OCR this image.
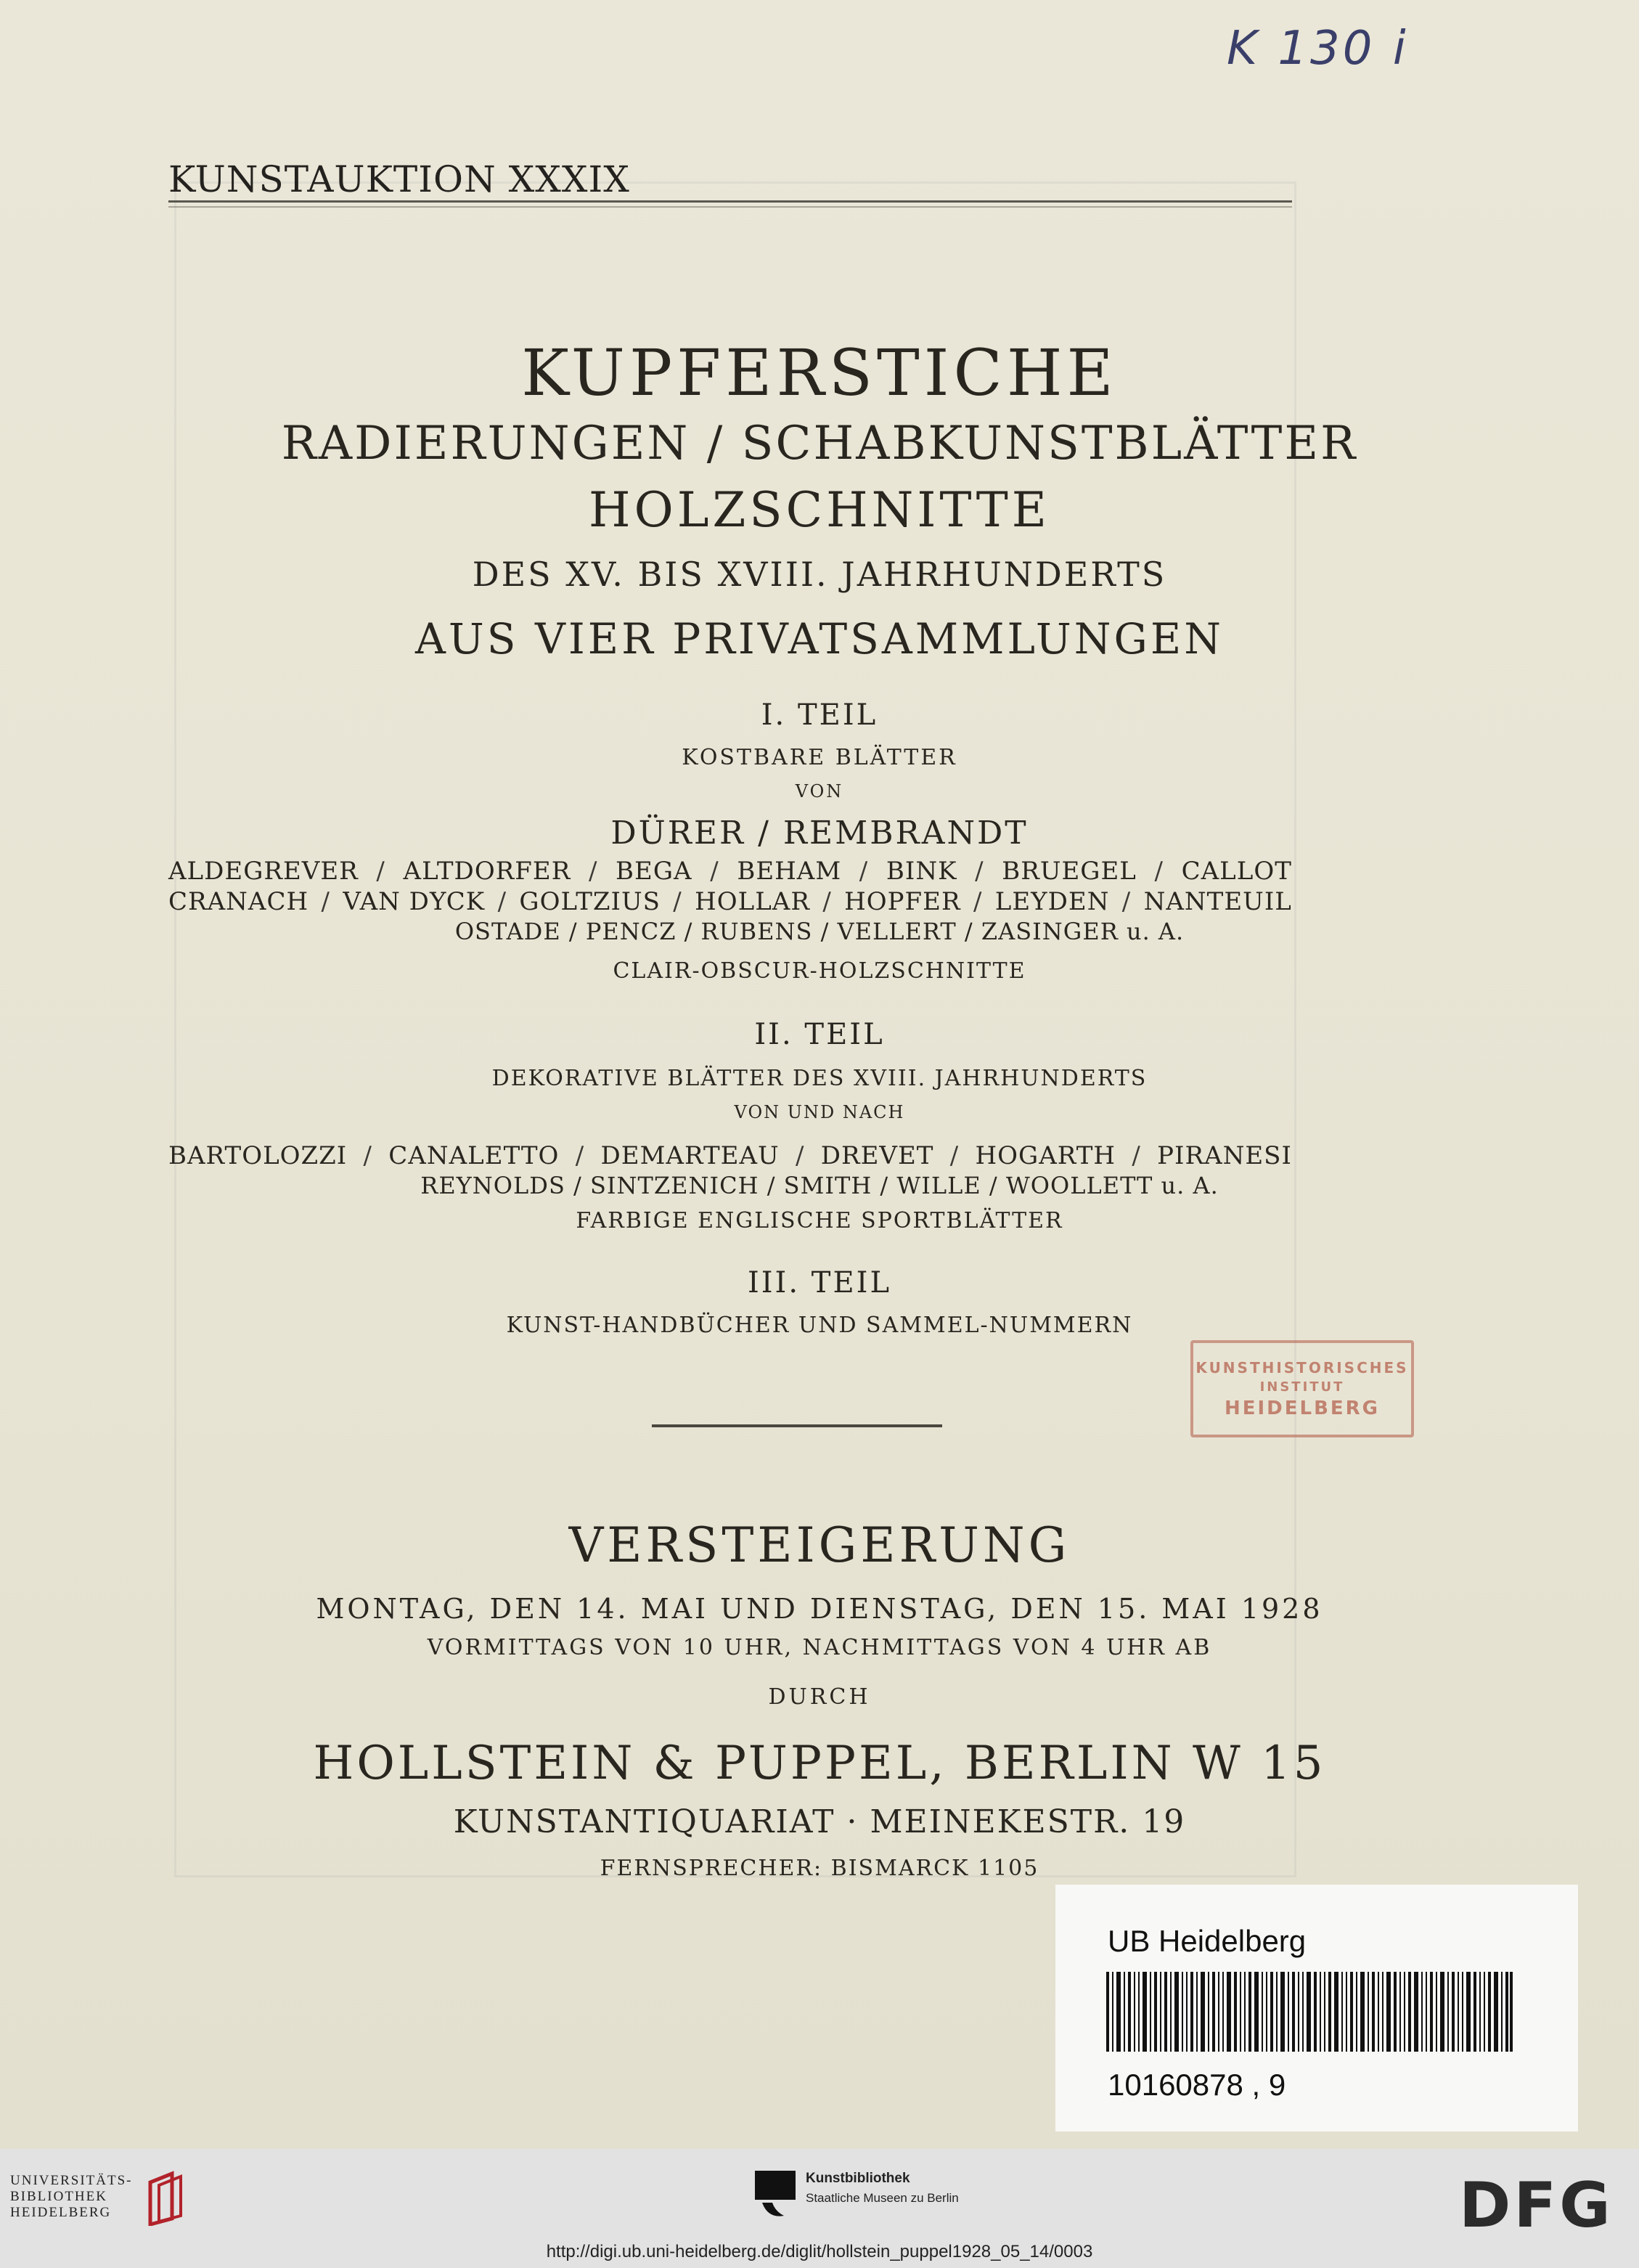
K 130 i
KUNSTAUKTION XXXIX
KUPFERSTICHE
RADIERUNGEN / SCHABKUNSTBLÄTTER
HOLZSCHNITTE
DES XV. BIS XVIII. JAHRHUNDERTS
AUS VIER PRIVATSAMMLUNGEN
I. TEIL
KOSTBARE BLÄTTER
VON
DÜRER / REMBRANDT
ALDEGREVER / ALTDORFER / BEGA / BEHAM / BINK / BRUEGEL / CALLOT
CRANACH / VAN DYCK / GOLTZIUS / HOLLAR / HOPFER / LEYDEN / NANTEUIL
OSTADE / PENCZ / RUBENS / VELLERT / ZASINGER u. A.
CLAIR-OBSCUR-HOLZSCHNITTE
II. TEIL
DEKORATIVE BLÄTTER DES XVIII. JAHRHUNDERTS
VON UND NACH
BARTOLOZZI / CANALETTO / DEMARTEAU / DREVET / HOGARTH / PIRANESI
REYNOLDS / SINTZENICH / SMITH / WILLE / WOOLLETT u. A.
FARBIGE ENGLISCHE SPORTBLÄTTER
III. TEIL
KUNST-HANDBÜCHER UND SAMMEL-NUMMERN
KUNSTHISTORISCHES
INSTITUT
HEIDELBERG
VERSTEIGERUNG
MONTAG, DEN 14. MAI UND DIENSTAG, DEN 15. MAI 1928
VORMITTAGS VON 10 UHR, NACHMITTAGS VON 4 UHR AB
DURCH
HOLLSTEIN & PUPPEL, BERLIN W 15
KUNSTANTIQUARIAT · MEINEKESTR. 19
FERNSPRECHER: BISMARCK 1105
UB Heidelberg
10160878 , 9
UNIVERSITÄTS-
BIBLIOTHEK
HEIDELBERG
Kunstbibliothek
Staatliche Museen zu Berlin	DFG
http://digi.ub.uni-heidelberg.de/diglit/hollstein_puppel1928_05_14/0003
